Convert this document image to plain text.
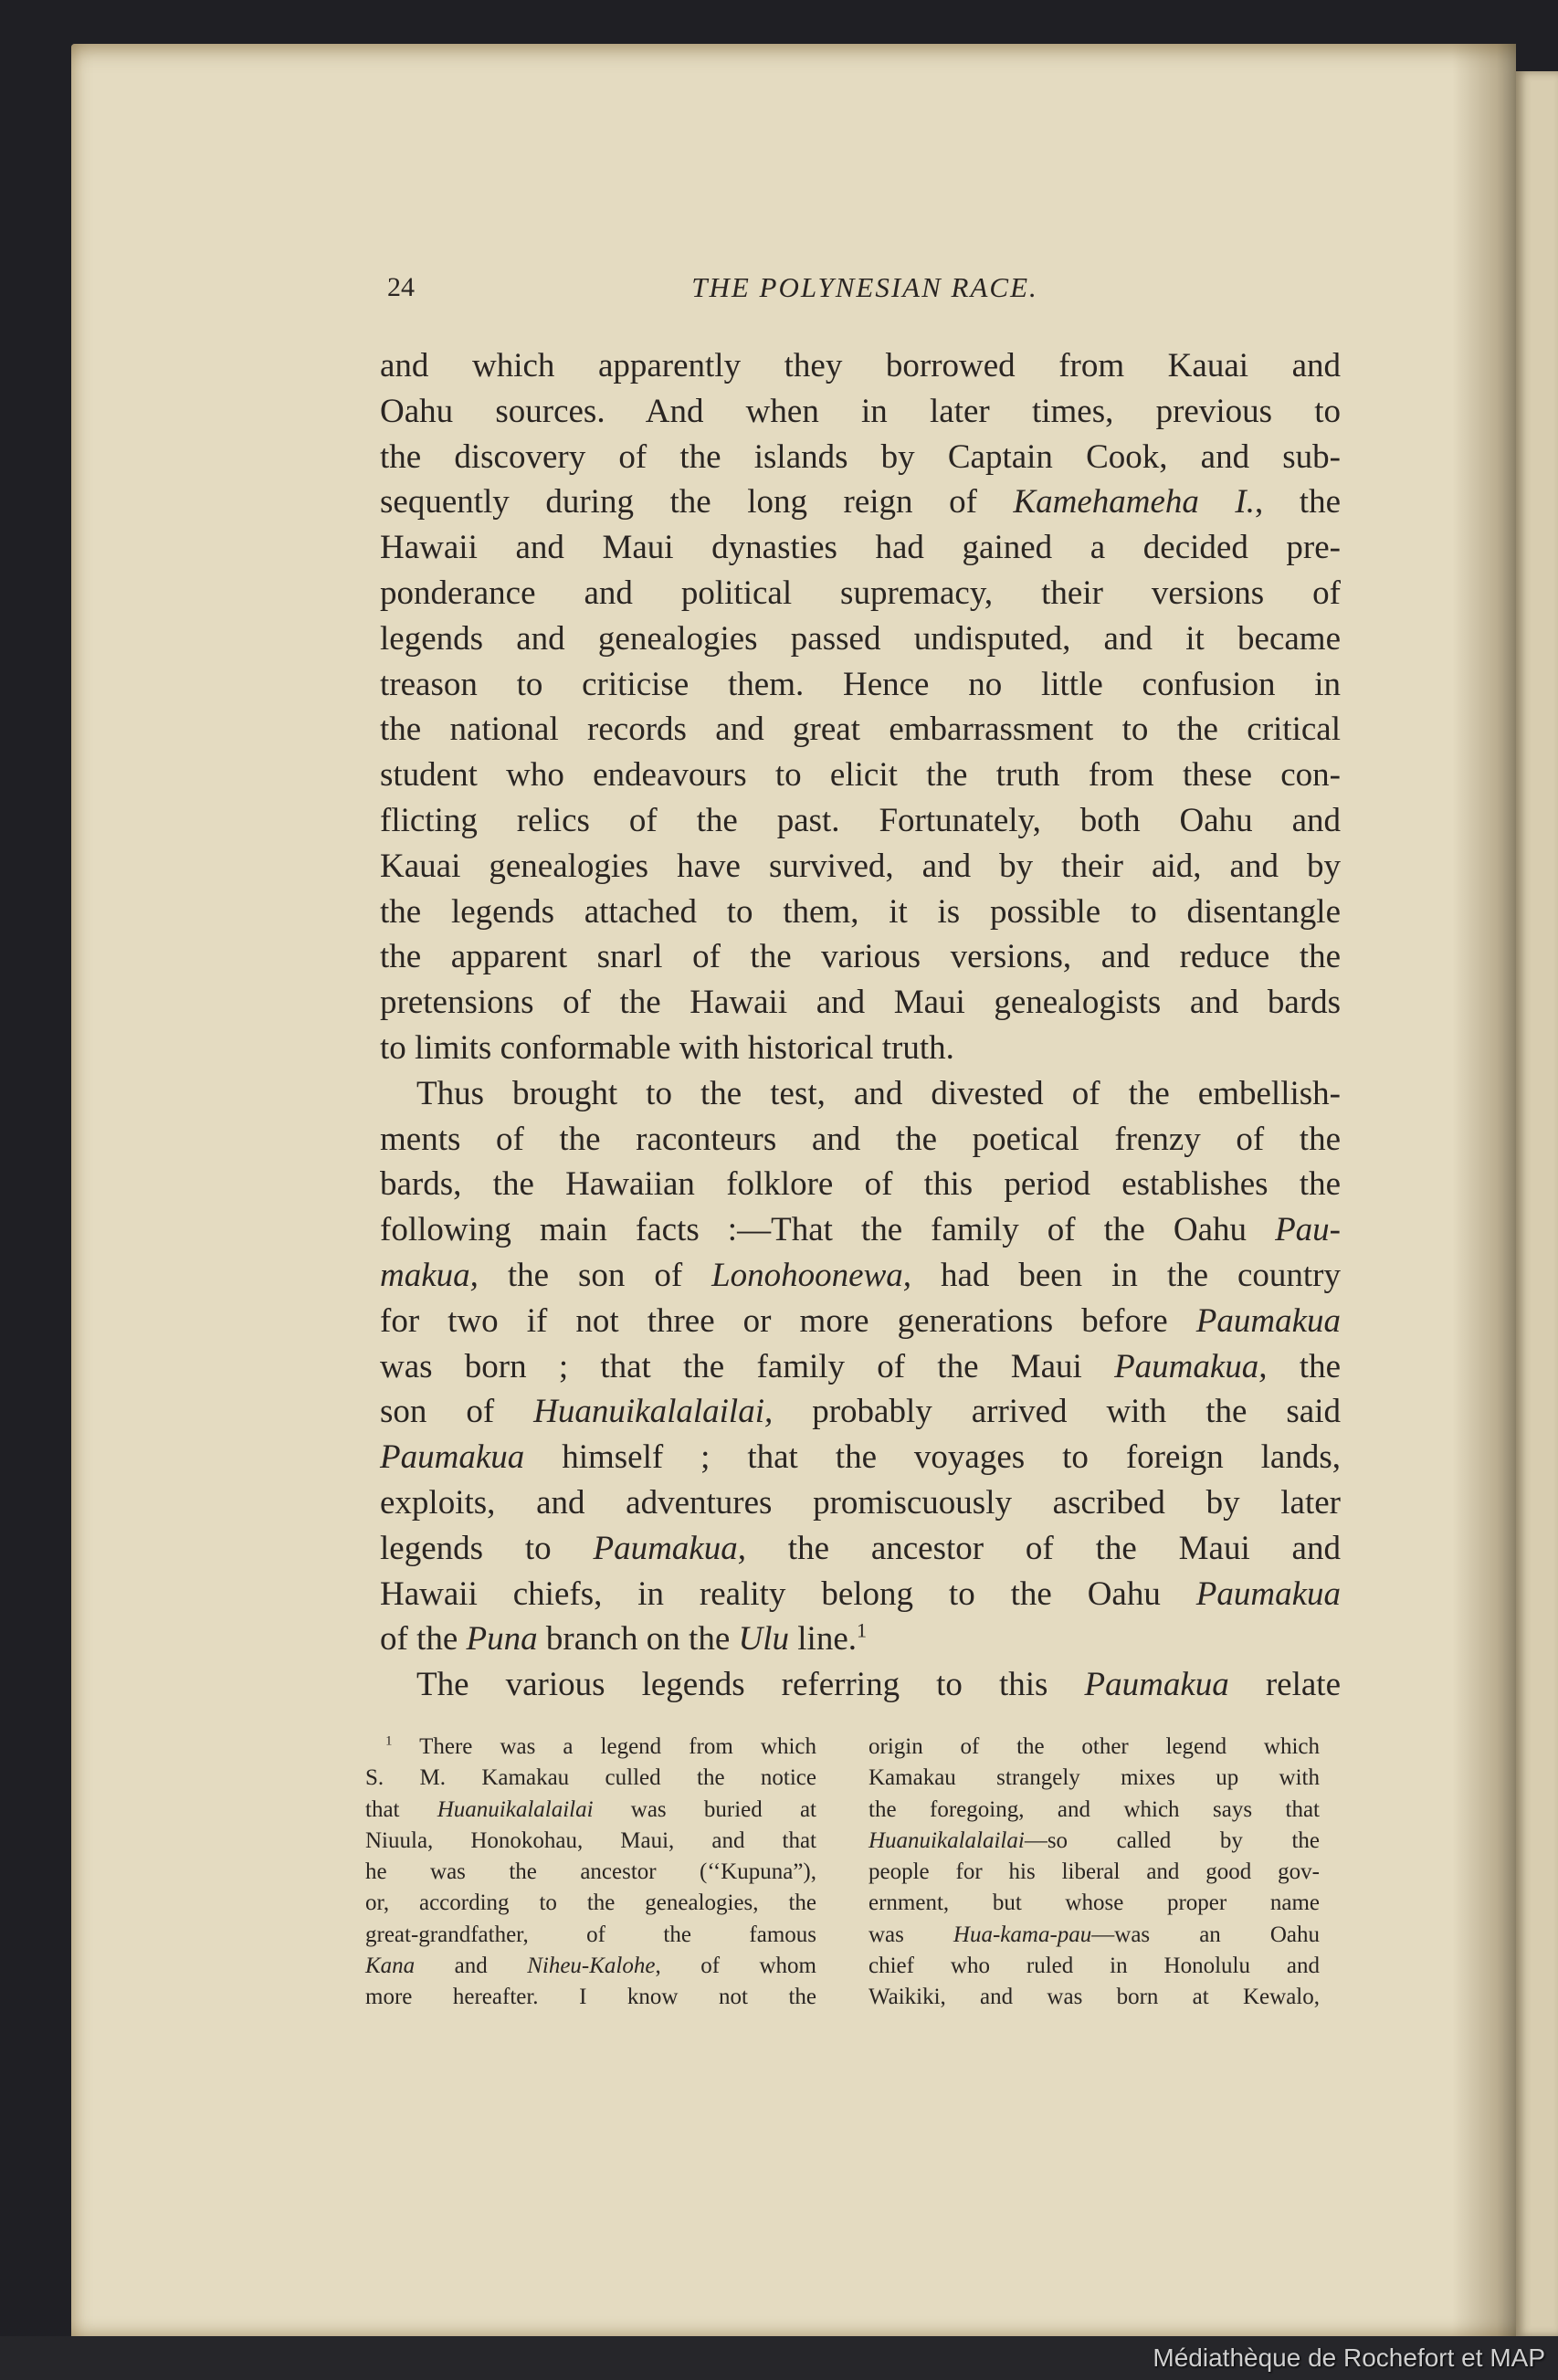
24	THE POLYNESIAN RACE.
and which apparently they borrowed from Kauai and
Oahu sources. And when in later times, previous to
the discovery of the islands by Captain Cook, and sub-
sequently during the long reign of Kamehameha I., the
Hawaii and Maui dynasties had gained a decided pre-
ponderance and political supremacy, their versions of
legends and genealogies passed undisputed, and it became
treason to criticise them. Hence no little confusion in
the national records and great embarrassment to the critical
student who endeavours to elicit the truth from these con-
flicting relics of the past. Fortunately, both Oahu and
Kauai genealogies have survived, and by their aid, and by
the legends attached to them, it is possible to disentangle
the apparent snarl of the various versions, and reduce the
pretensions of the Hawaii and Maui genealogists and bards
to limits conformable with historical truth.
Thus brought to the test, and divested of the embellish-
ments of the raconteurs and the poetical frenzy of the
bards, the Hawaiian folklore of this period establishes the
following main facts :—That the family of the Oahu Pau-
makua, the son of Lonohoonewa, had been in the country
for two if not three or more generations before Paumakua
was born ; that the family of the Maui Paumakua, the
son of Huanuikalalailai, probably arrived with the said
Paumakua himself ; that the voyages to foreign lands,
exploits, and adventures promiscuously ascribed by later
legends to Paumakua, the ancestor of the Maui and
Hawaii chiefs, in reality belong to the Oahu Paumakua
of the Puna branch on the Ulu line.$^1$
The various legends referring to this Paumakua relate
$^1$ There was a legend from which
S. M. Kamakau culled the notice
that Huanuikalalailai was buried at
Niuula, Honokohau, Maui, and that
he was the ancestor (‘‘Kupuna”),
or, according to the genealogies, the
great-grandfather, of the famous
Kana and Niheu-Kalohe, of whom
more hereafter. I know not the
origin of the other legend which
Kamakau strangely mixes up with
the foregoing, and which says that
Huanuikalalailai—so called by the
people for his liberal and good gov-
ernment, but whose proper name
was Hua-kama-pau—was an Oahu
chief who ruled in Honolulu and
Waikiki, and was born at Kewalo,
Médiathèque de Rochefort et MAP
